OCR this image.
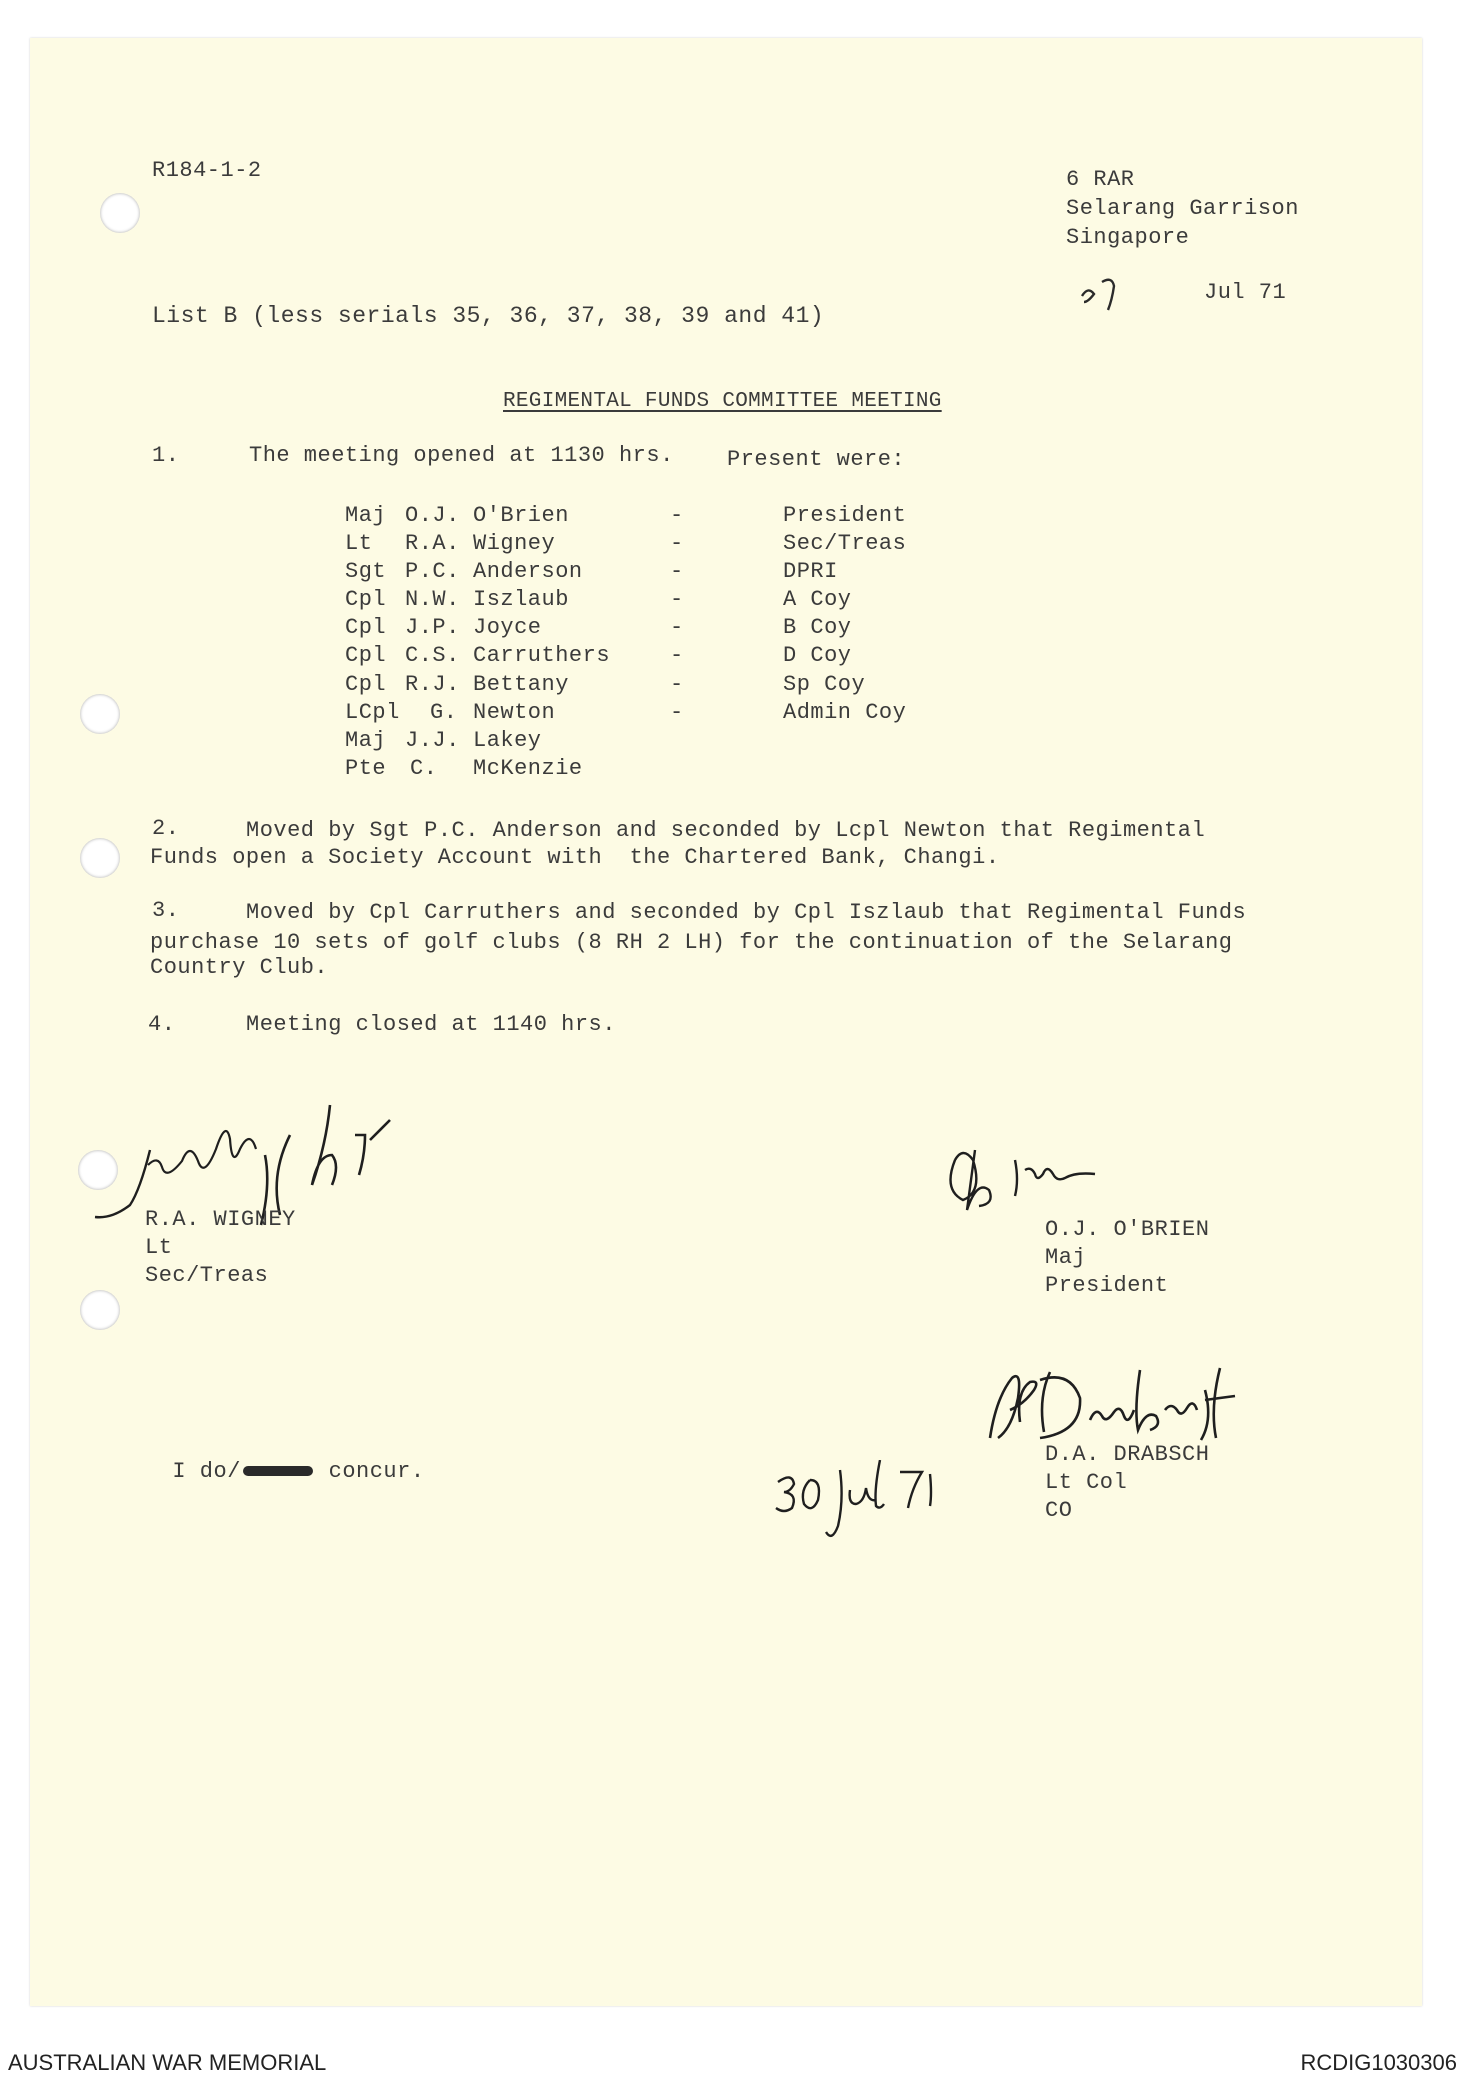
R184-1-2	6 RAR
Selarang Garrison
Singapore
Jul 71
List B (less serials 35, 36, 37, 38, 39 and 41)
REGIMENTAL FUNDS COMMITTEE MEETING
1.	The meeting opened at 1130 hrs. Present were:
Maj O.J. O'Brien	-	President
Lt R.A. Wigney	-	Sec/Treas
Sgt P.C. Anderson	-	DPRI
Cpl N.W. Iszlaub	-	A Coy
Cpl J.P. Joyce	-	B Coy
Cpl C.S. Carruthers	-	D Coy
Cpl R.J. Bettany	-	Sp Coy
LCpl G. Newton	-	Admin Coy
Maj J.J. Lakey
Pte C. McKenzie
2.	Moved by Sgt P.C. Anderson and seconded by Lcpl Newton that Regimental
Funds open a Society Account with  the Chartered Bank, Changi.
3.	Moved by Cpl Carruthers and seconded by Cpl Iszlaub that Regimental Funds
purchase 10 sets of golf clubs (8 RH 2 LH) for the continuation of the Selarang
Country Club.
4.	Meeting closed at 1140 hrs.
R.A. WIGNEY
Lt
Sec/Treas
O.J. O'BRIEN
Maj
President

I do/	concur.

D.A. DRABSCH
Lt Col
CO
AUSTRALIAN WAR MEMORIAL	RCDIG1030306
